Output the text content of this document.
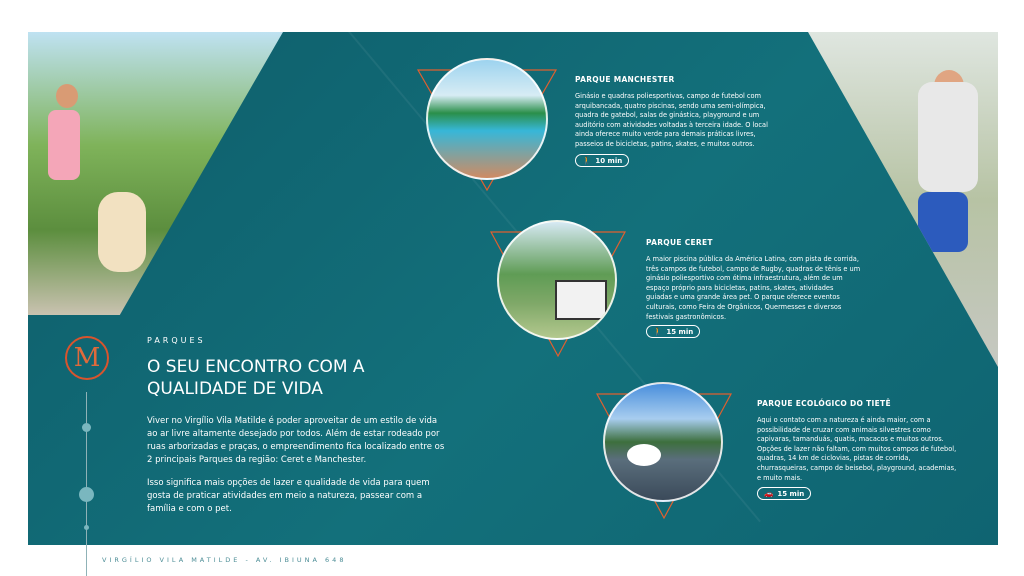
M
PARQUES
O SEU ENCONTRO COM A QUALIDADE DE VIDA

Viver no Virgílio Vila Matilde é poder aproveitar de um estilo de vida ao ar livre altamente desejado por todos. Além de estar rodeado por ruas arborizadas e praças, o empreendimento fica localizado entre os 2 principais Parques da região: Ceret e Manchester.

Isso significa mais opções de lazer e qualidade de vida para quem gosta de praticar atividades em meio a natureza, passear com a família e com o pet.

PARQUE MANCHESTER

Ginásio e quadras poliesportivas, campo de futebol com arquibancada, quatro piscinas, sendo uma semi-olímpica, quadra de gatebol, salas de ginástica, playground e um auditório com atividades voltadas à terceira idade. O local ainda oferece muito verde para demais práticas livres, passeios de bicicletas, patins, skates, e muitos outros.

🚶 10 min
PARQUE CERET

A maior piscina pública da América Latina, com pista de corrida, três campos de futebol, campo de Rugby, quadras de tênis e um ginásio poliesportivo com ótima infraestrutura, além de um espaço próprio para bicicletas, patins, skates, atividades guiadas e uma grande área pet. O parque oferece eventos culturais, como Feira de Orgânicos, Quermesses e diversos festivais gastronômicos.

🚶 15 min
PARQUE ECOLÓGICO DO TIETÊ

Aqui o contato com a natureza é ainda maior, com a possibilidade de cruzar com animais silvestres como capivaras, tamanduás, quatis, macacos e muitos outros. Opções de lazer não faltam, com muitos campos de futebol, quadras, 14 km de ciclovias, pistas de corrida, churrasqueiras, campo de beisebol, playground, academias, e muito mais.

🚗 15 min
VIRGÍLIO VILA MATILDE - AV. IBIUNA 648
